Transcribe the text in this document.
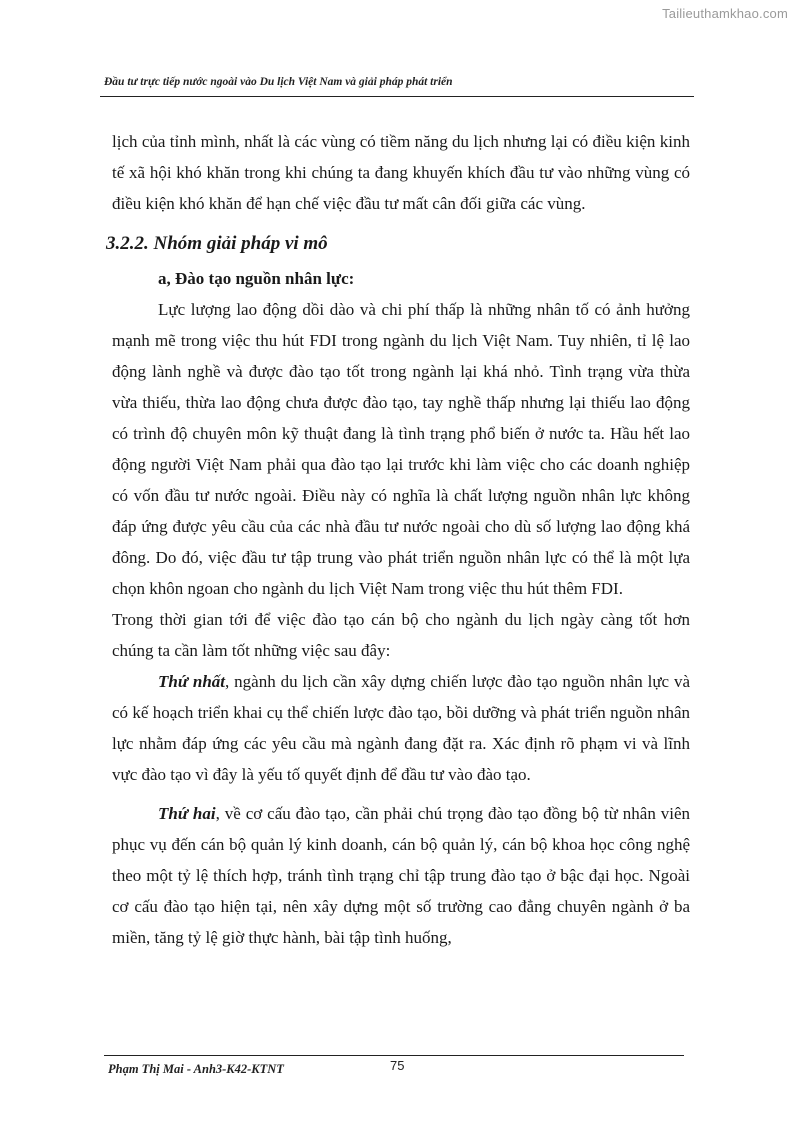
Tailieuthamkhao.com
Đầu tư trực tiếp nước ngoài vào Du lịch Việt Nam và giải pháp phát triển

lịch của tỉnh mình, nhất là các vùng có tiềm năng du lịch nhưng lại có điều kiện kinh tế xã hội khó khăn trong khi chúng ta đang khuyến khích đầu tư vào những vùng có điều kiện khó khăn để hạn chế việc đầu tư mất cân đối giữa các vùng.

3.2.2. Nhóm giải pháp vi mô

a, Đào tạo nguồn nhân lực:

Lực lượng lao động dồi dào và chi phí thấp là những nhân tố có ảnh hưởng mạnh mẽ trong việc thu hút FDI trong ngành du lịch Việt Nam. Tuy nhiên, tỉ lệ lao động lành nghề và được đào tạo tốt trong ngành lại khá nhỏ. Tình trạng vừa thừa vừa thiếu, thừa lao động chưa được đào tạo, tay nghề thấp nhưng lại thiếu lao động có trình độ chuyên môn kỹ thuật đang là tình trạng phổ biến ở nước ta. Hầu hết lao động người Việt Nam phải qua đào tạo lại trước khi làm việc cho các doanh nghiệp có vốn đầu tư nước ngoài. Điều này có nghĩa là chất lượng nguồn nhân lực không đáp ứng được yêu cầu của các nhà đầu tư nước ngoài cho dù số lượng lao động khá đông. Do đó, việc đầu tư tập trung vào phát triển nguồn nhân lực có thể là một lựa chọn khôn ngoan cho ngành du lịch Việt Nam trong việc thu hút thêm FDI.

Trong thời gian tới để việc đào tạo cán bộ cho ngành du lịch ngày càng tốt hơn chúng ta cần làm tốt những việc sau đây:

Thứ nhất, ngành du lịch cần xây dựng chiến lược đào tạo nguồn nhân lực và có kế hoạch triển khai cụ thể chiến lược đào tạo, bồi dưỡng và phát triển nguồn nhân lực nhằm đáp ứng các yêu cầu mà ngành đang đặt ra. Xác định rõ phạm vi và lĩnh vực đào tạo vì đây là yếu tố quyết định để đầu tư vào đào tạo.

Thứ hai, về cơ cấu đào tạo, cần phải chú trọng đào tạo đồng bộ từ nhân viên phục vụ đến cán bộ quản lý kinh doanh, cán bộ quản lý, cán bộ khoa học công nghệ theo một tỷ lệ thích hợp, tránh tình trạng chỉ tập trung đào tạo ở bậc đại học. Ngoài cơ cấu đào tạo hiện tại, nên xây dựng một số trường cao đẳng chuyên ngành ở ba miền, tăng tỷ lệ giờ thực hành, bài tập tình huống,

Phạm Thị Mai - Anh3-K42-KTNT	75
